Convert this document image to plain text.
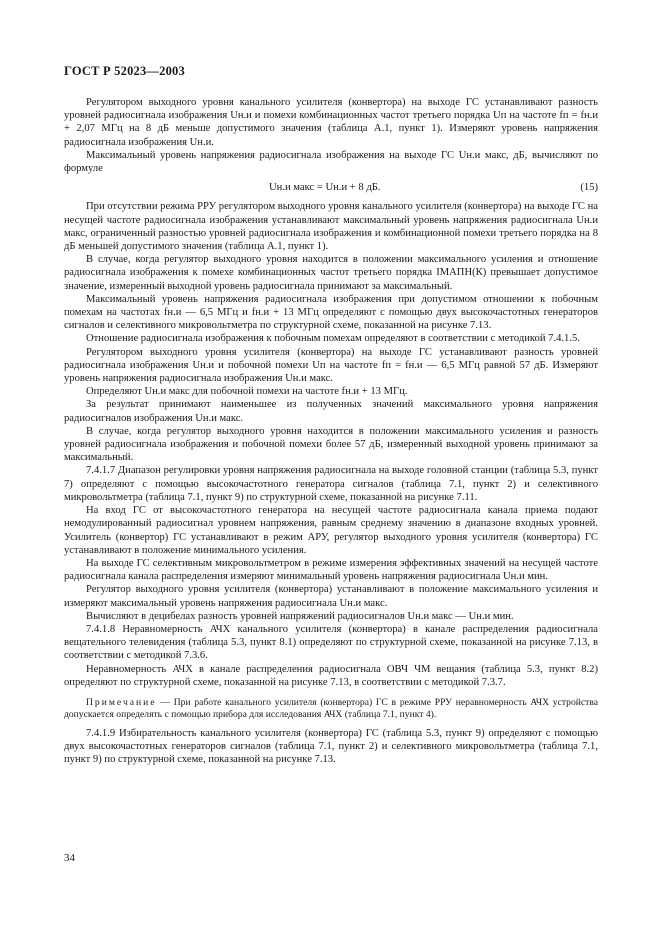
ГОСТ Р 52023—2003

Регулятором выходного уровня канального усилителя (конвертора) на выходе ГС устанавливают разность уровней радиосигнала изображения Uн.и и помехи комбинационных частот третьего порядка Uп на частоте fп = fн.и + 2,07 МГц на 8 дБ меньше допустимого значения (таблица А.1, пункт 1). Измеряют уровень напряжения радиосигнала изображения Uн.и.

Максимальный уровень напряжения радиосигнала изображения на выходе ГС Uн.и макс, дБ, вычисляют по формуле

Uн.и макс = Uн.и + 8 дБ.	(15)

При отсутствии режима РРУ регулятором выходного уровня канального усилителя (конвертора) на выходе ГС на несущей частоте радиосигнала изображения устанавливают максимальный уровень напряжения радиосигнала Uн.и макс, ограниченный разностью уровней радиосигнала изображения и комбинационной помехи третьего порядка на 8 дБ меньшей допустимого значения (таблица А.1, пункт 1).

В случае, когда регулятор выходного уровня находится в положении максимального усиления и отношение радиосигнала изображения к помехе комбинационных частот третьего порядка IMAПН(К) превышает допустимое значение, измеренный выходной уровень радиосигнала принимают за максимальный.

Максимальный уровень напряжения радиосигнала изображения при допустимом отношении к побочным помехам на частотах fн.и — 6,5 МГц и fн.и + 13 МГц определяют с помощью двух высокочастотных генераторов сигналов и селективного микровольтметра по структурной схеме, показанной на рисунке 7.13.

Отношение радиосигнала изображения к побочным помехам определяют в соответствии с методикой 7.4.1.5.

Регулятором выходного уровня усилителя (конвертора) на выходе ГС устанавливают разность уровней радиосигнала изображения Uн.и и побочной помехи Uп на частоте fп = fн.и — 6,5 МГц равной 57 дБ. Измеряют уровень напряжения радиосигнала изображения Uн.и макс.

Определяют Uн.и макс для побочной помехи на частоте fн.и + 13 МГц.

За результат принимают наименьшее из полученных значений максимального уровня напряжения радиосигналов изображения Uн.и макс.

В случае, когда регулятор выходного уровня находится в положении максимального усиления и разность уровней радиосигнала изображения и побочной помехи более 57 дБ, измеренный выходной уровень принимают за максимальный.

7.4.1.7 Диапазон регулировки уровня напряжения радиосигнала на выходе головной станции (таблица 5.3, пункт 7) определяют с помощью высокочастотного генератора сигналов (таблица 7.1, пункт 2) и селективного микровольтметра (таблица 7.1, пункт 9) по структурной схеме, показанной на рисунке 7.11.

На вход ГС от высокочастотного генератора на несущей частоте радиосигнала канала приема подают немодулированный радиосигнал уровнем напряжения, равным среднему значению в диапазоне входных уровней. Усилитель (конвертор) ГС устанавливают в режим АРУ, регулятор выходного уровня усилителя (конвертора) ГС устанавливают в положение минимального усиления.

На выходе ГС селективным микровольтметром в режиме измерения эффективных значений на несущей частоте радиосигнала канала распределения измеряют минимальный уровень напряжения радиосигнала Uн.и мин.

Регулятор выходного уровня усилителя (конвертора) устанавливают в положение максимального усиления и измеряют максимальный уровень напряжения радиосигнала Uн.и макс.

Вычисляют в децибелах разность уровней напряжений радиосигналов Uн.и макс — Uн.и мин.

7.4.1.8 Неравномерность АЧХ канального усилителя (конвертора) в канале распределения радиосигнала вещательного телевидения (таблица 5.3, пункт 8.1) определяют по структурной схеме, показанной на рисунке 7.13, в соответствии с методикой 7.3.6.

Неравномерность АЧХ в канале распределения радиосигнала ОВЧ ЧМ вещания (таблица 5.3, пункт 8.2) определяют по структурной схеме, показанной на рисунке 7.13, в соответствии с методикой 7.3.7.

Примечание — При работе канального усилителя (конвертора) ГС в режиме РРУ неравномерность АЧХ устройства допускается определять с помощью прибора для исследования АЧХ (таблица 7.1, пункт 4).

7.4.1.9 Избирательность канального усилителя (конвертора) ГС (таблица 5.3, пункт 9) определяют с помощью двух высокочастотных генераторов сигналов (таблица 7.1, пункт 2) и селективного микровольтметра (таблица 7.1, пункт 9) по структурной схеме, показанной на рисунке 7.13.

34
